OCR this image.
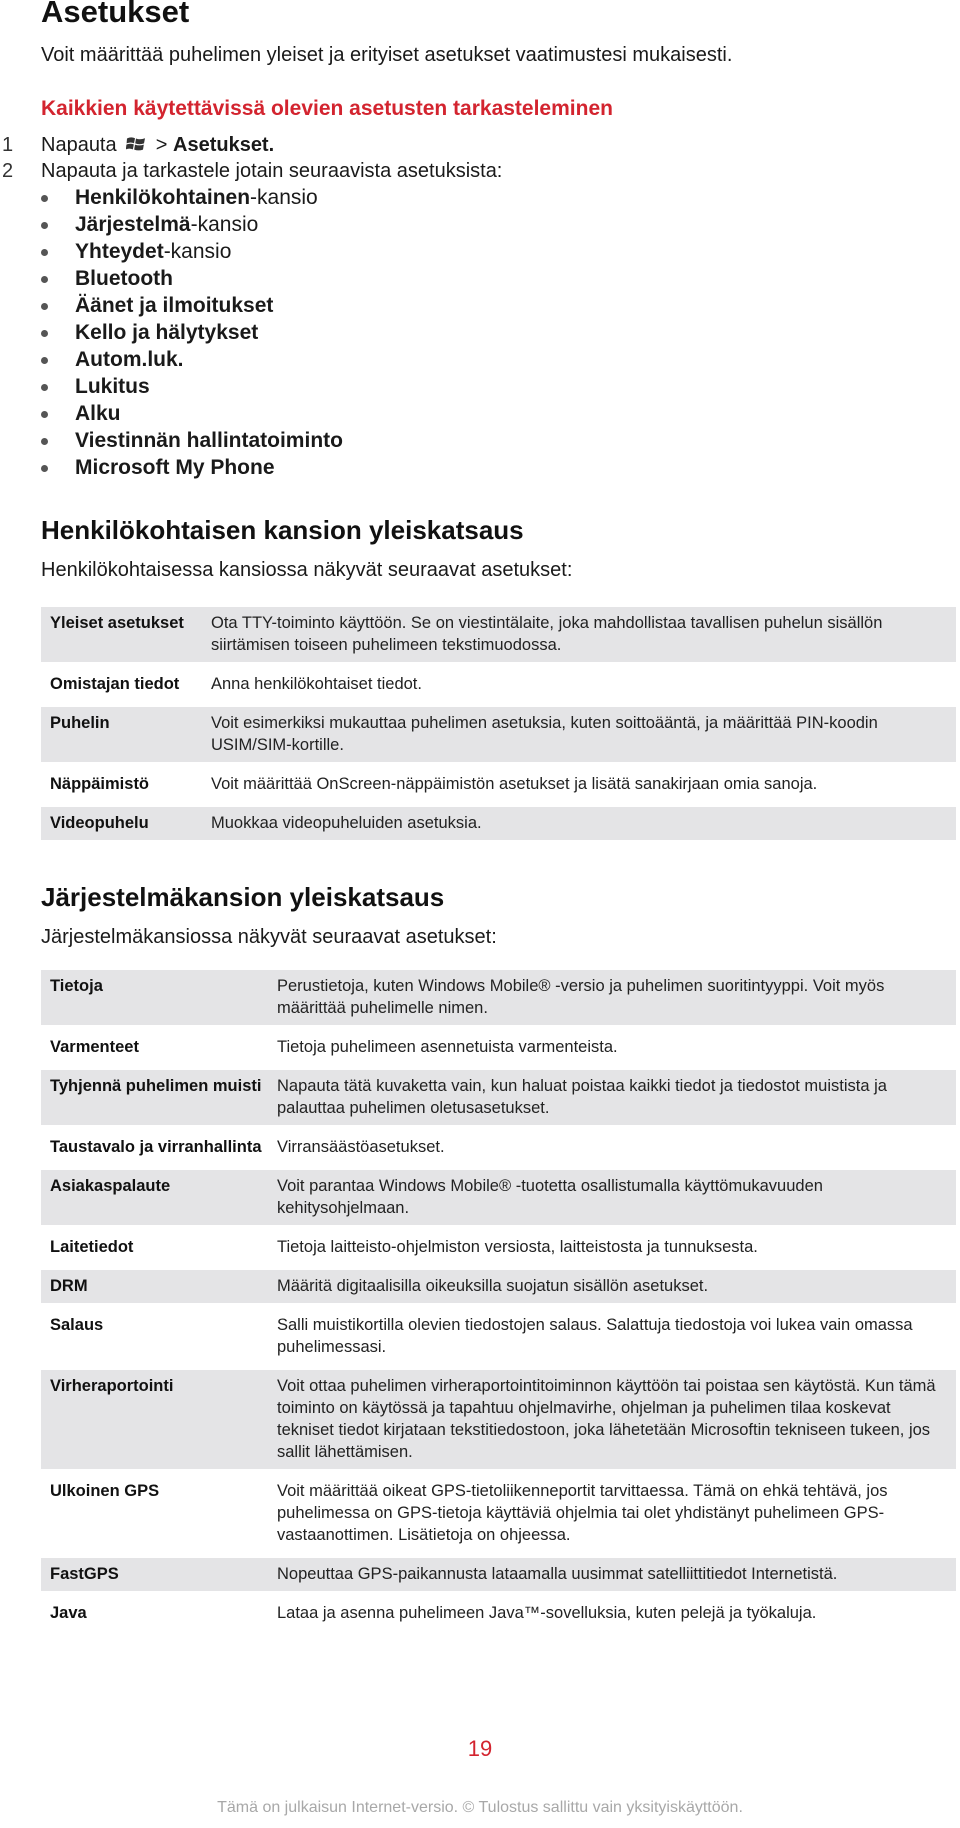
Asetukset
Voit määrittää puhelimen yleiset ja erityiset asetukset vaatimustesi mukaisesti.
Kaikkien käytettävissä olevien asetusten tarkasteleminen
1	Napauta > Asetukset.
2	Napauta ja tarkastele jotain seuraavista asetuksista:
Henkilökohtainen-kansio
Järjestelmä-kansio
Yhteydet-kansio
Bluetooth
Äänet ja ilmoitukset
Kello ja hälytykset
Autom.luk.
Lukitus
Alku
Viestinnän hallintatoiminto
Microsoft My Phone
Henkilökohtaisen kansion yleiskatsaus
Henkilökohtaisessa kansiossa näkyvät seuraavat asetukset:
Yleiset asetukset	Ota TTY-toiminto käyttöön. Se on viestintälaite, joka mahdollistaa tavallisen puhelun sisällön siirtämisen toiseen puhelimeen tekstimuodossa.
Omistajan tiedot	Anna henkilökohtaiset tiedot.
Puhelin	Voit esimerkiksi mukauttaa puhelimen asetuksia, kuten soittoääntä, ja määrittää PIN-koodin USIM/SIM-kortille.
Näppäimistö	Voit määrittää OnScreen-näppäimistön asetukset ja lisätä sanakirjaan omia sanoja.
Videopuhelu	Muokkaa videopuheluiden asetuksia.
Järjestelmäkansion yleiskatsaus
Järjestelmäkansiossa näkyvät seuraavat asetukset:
Tietoja	Perustietoja, kuten Windows Mobile® -versio ja puhelimen suoritintyyppi. Voit myös määrittää puhelimelle nimen.
Varmenteet	Tietoja puhelimeen asennetuista varmenteista.
Tyhjennä puhelimen muisti	Napauta tätä kuvaketta vain, kun haluat poistaa kaikki tiedot ja tiedostot muistista ja palauttaa puhelimen oletusasetukset.
Taustavalo ja virranhallinta	Virransäästöasetukset.
Asiakaspalaute	Voit parantaa Windows Mobile® -tuotetta osallistumalla käyttömukavuuden kehitysohjelmaan.
Laitetiedot	Tietoja laitteisto-ohjelmiston versiosta, laitteistosta ja tunnuksesta.
DRM	Määritä digitaalisilla oikeuksilla suojatun sisällön asetukset.
Salaus	Salli muistikortilla olevien tiedostojen salaus. Salattuja tiedostoja voi lukea vain omassa puhelimessasi.
Virheraportointi	Voit ottaa puhelimen virheraportointitoiminnon käyttöön tai poistaa sen käytöstä. Kun tämä toiminto on käytössä ja tapahtuu ohjelmavirhe, ohjelman ja puhelimen tilaa koskevat tekniset tiedot kirjataan tekstitiedostoon, joka lähetetään Microsoftin tekniseen tukeen, jos sallit lähettämisen.
Ulkoinen GPS	Voit määrittää oikeat GPS-tietoliikenneportit tarvittaessa. Tämä on ehkä tehtävä, jos puhelimessa on GPS-tietoja käyttäviä ohjelmia tai olet yhdistänyt puhelimeen GPS-vastaanottimen. Lisätietoja on ohjeessa.
FastGPS	Nopeuttaa GPS-paikannusta lataamalla uusimmat satelliittitiedot Internetistä.
Java	Lataa ja asenna puhelimeen Java™-sovelluksia, kuten pelejä ja työkaluja.
19
Tämä on julkaisun Internet-versio. © Tulostus sallittu vain yksityiskäyttöön.
